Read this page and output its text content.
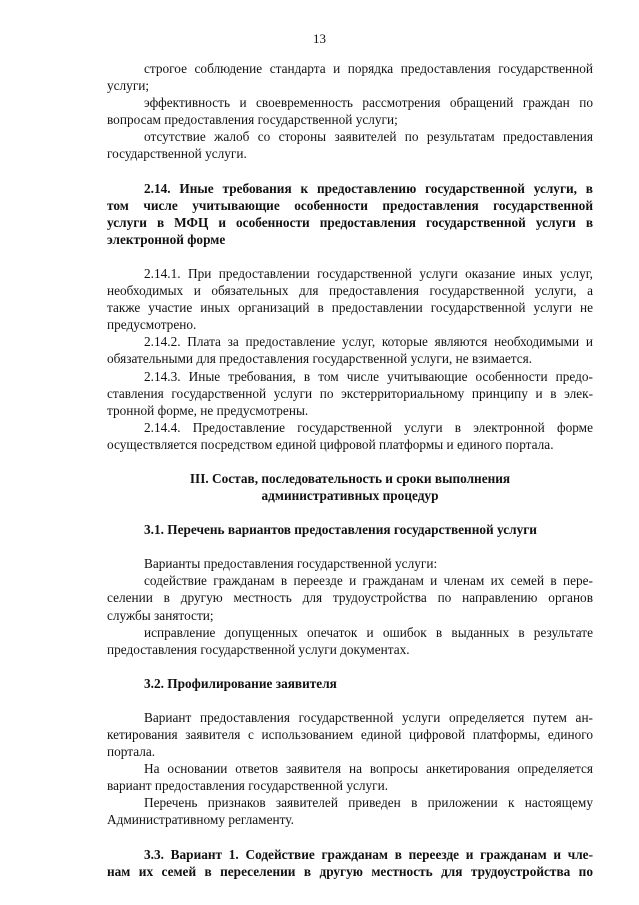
13
строгое соблюдение стандарта и порядка предоставления государственной
услуги;
эффективность и своевременность рассмотрения обращений граждан по
вопросам предоставления государственной услуги;
отсутствие жалоб со стороны заявителей по результатам предоставления
государственной услуги.
2.14. Иные требования к предоставлению государственной услуги, в
том числе учитывающие особенности предоставления государственной
услуги в МФЦ и особенности предоставления государственной услуги в
электронной форме
2.14.1. При предоставлении государственной услуги оказание иных услуг,
необходимых и обязательных для предоставления государственной услуги, а
также участие иных организаций в предоставлении государственной услуги не
предусмотрено.
2.14.2. Плата за предоставление услуг, которые являются необходимыми и
обязательными для предоставления государственной услуги, не взимается.
2.14.3. Иные требования, в том числе учитывающие особенности предо-
ставления государственной услуги по экстерриториальному принципу и в элек-
тронной форме, не предусмотрены.
2.14.4. Предоставление государственной услуги в электронной форме
осуществляется посредством единой цифровой платформы и единого портала.
III. Состав, последовательность и сроки выполнения
административных процедур
3.1. Перечень вариантов предоставления государственной услуги
Варианты предоставления государственной услуги:
содействие гражданам в переезде и гражданам и членам их семей в пере-
селении в другую местность для трудоустройства по направлению органов
службы занятости;
исправление допущенных опечаток и ошибок в выданных в результате
предоставления государственной услуги документах.
3.2. Профилирование заявителя
Вариант предоставления государственной услуги определяется путем ан-
кетирования заявителя с использованием единой цифровой платформы, единого
портала.
На основании ответов заявителя на вопросы анкетирования определяется
вариант предоставления государственной услуги.
Перечень признаков заявителей приведен в приложении к настоящему
Административному регламенту.
3.3. Вариант 1. Содействие гражданам в переезде и гражданам и чле-
нам их семей в переселении в другую местность для трудоустройства по
